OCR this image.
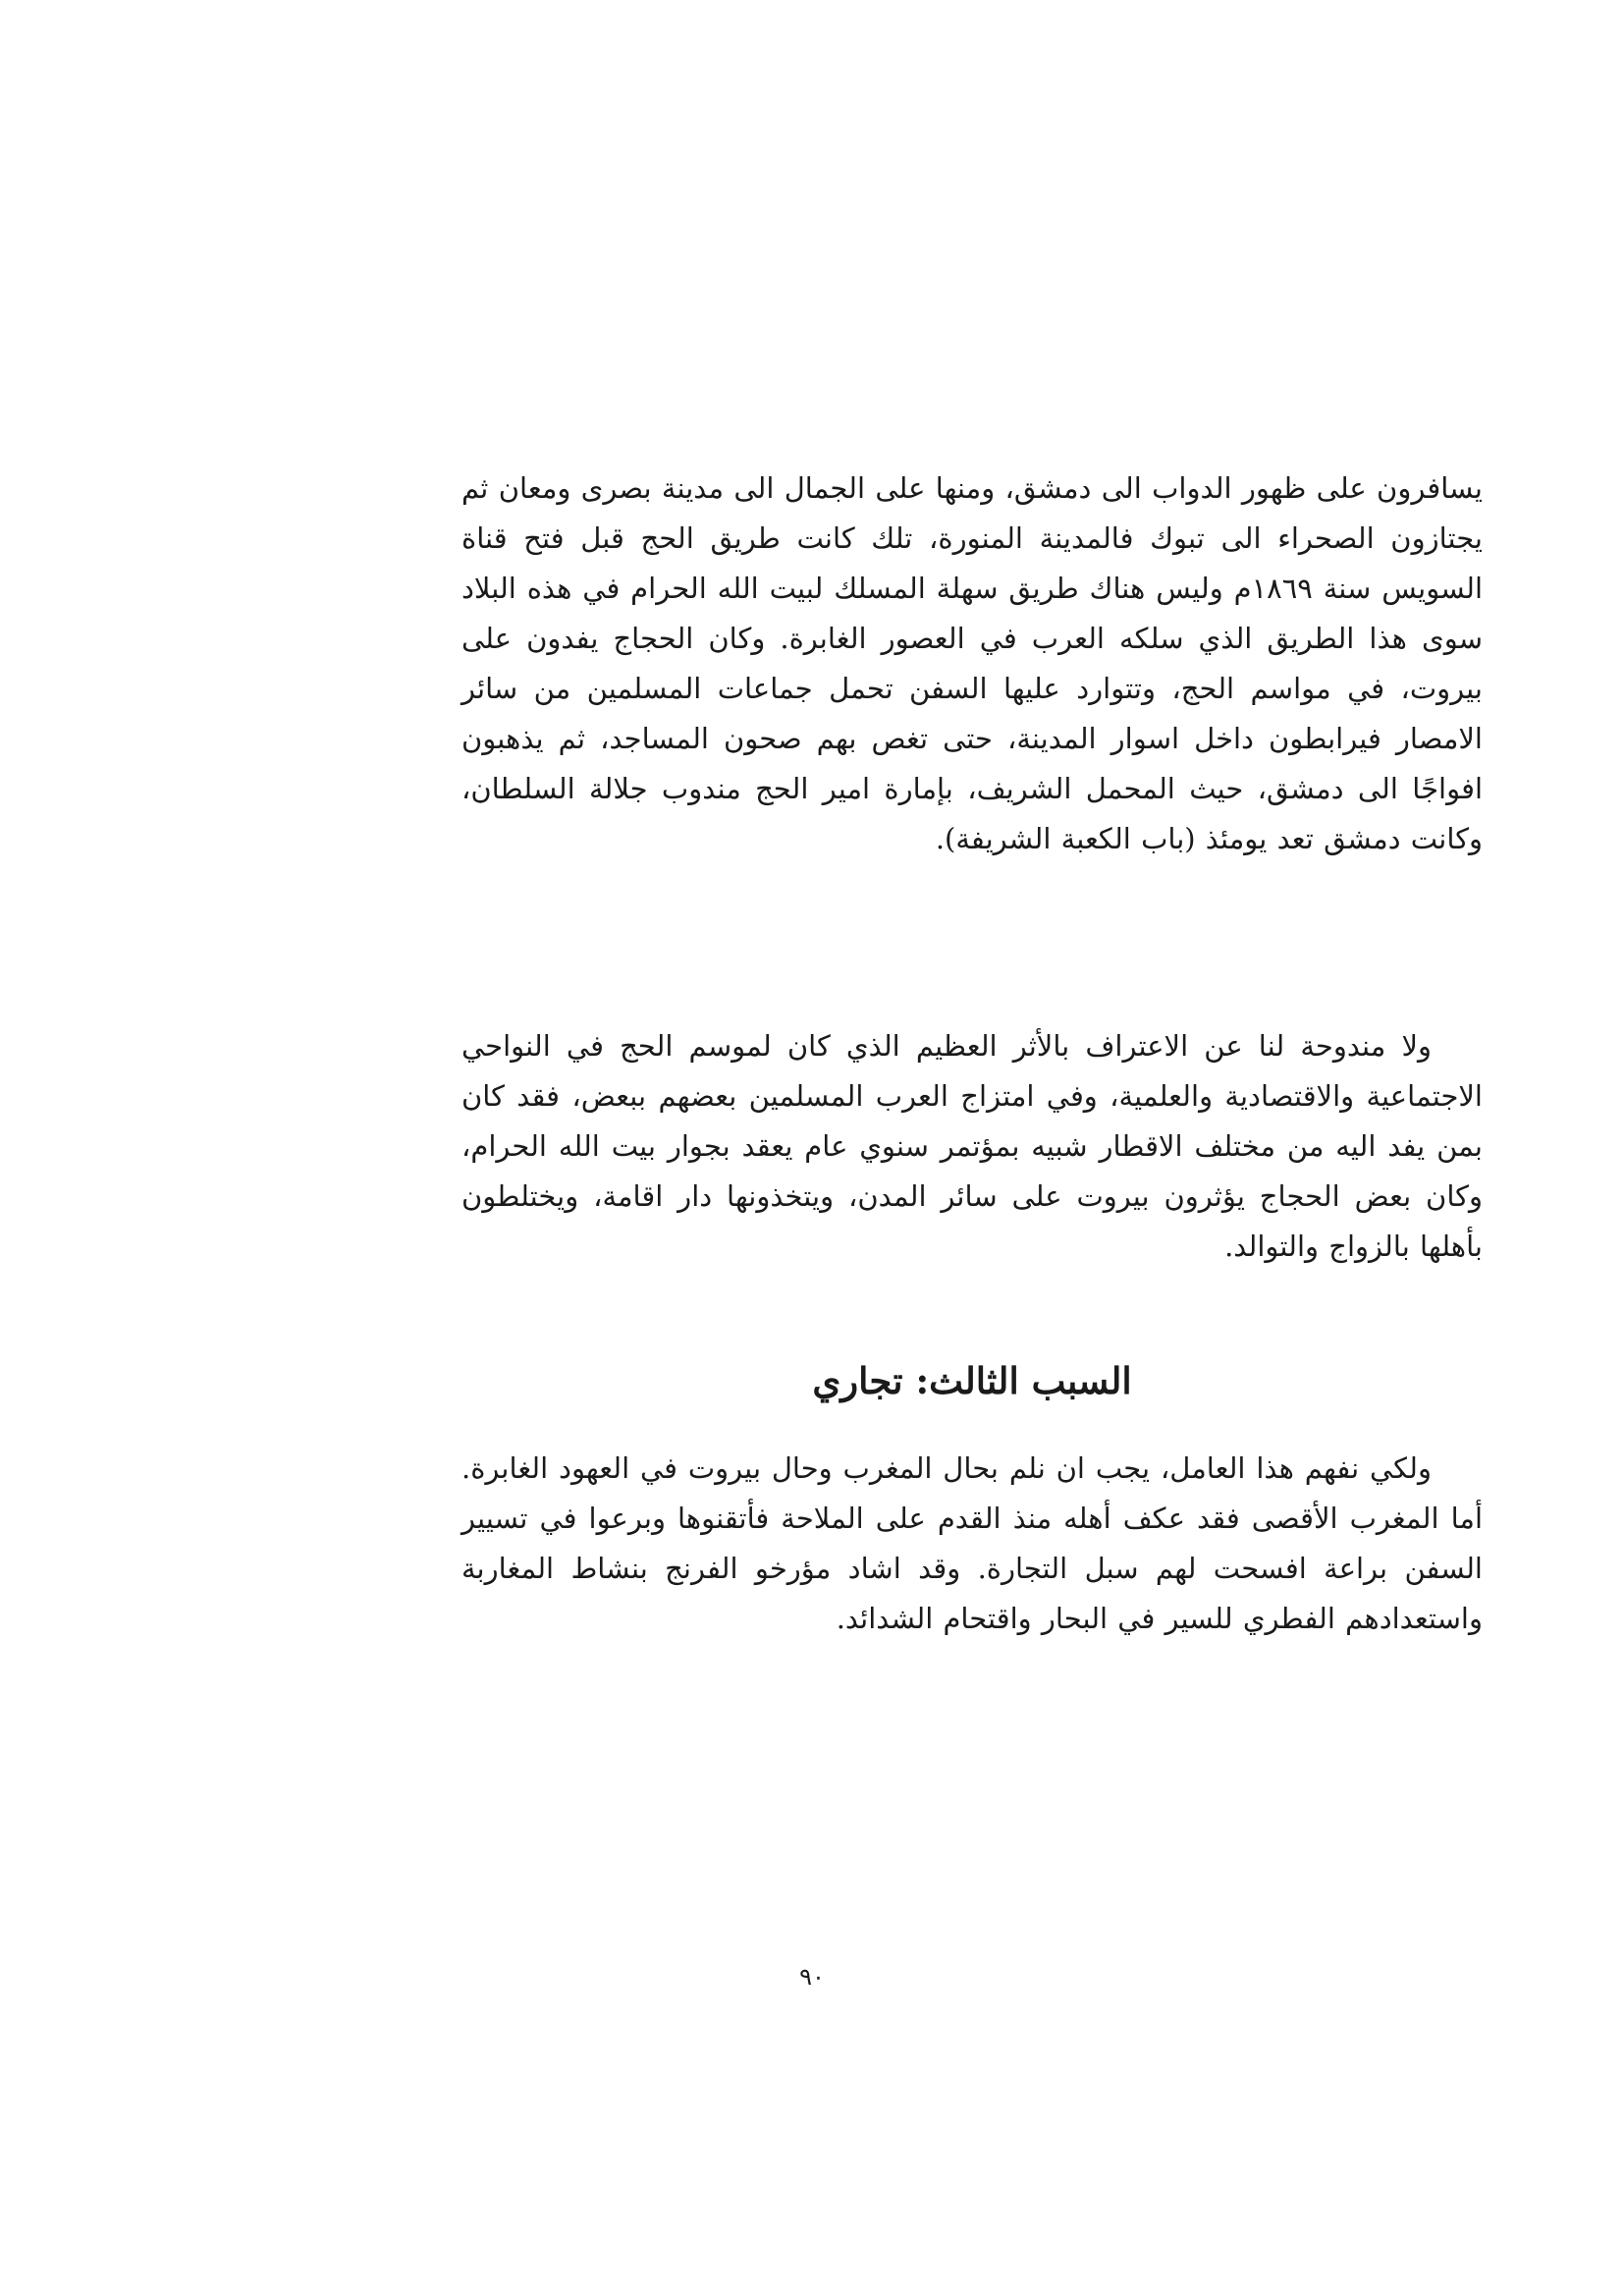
يسافرون على ظهور الدواب الى دمشق، ومنها على الجمال الى مدينة بصرى ومعان ثم يجتازون الصحراء الى تبوك فالمدينة المنورة، تلك كانت طريق الحج قبل فتح قناة السويس سنة ١٨٦٩م وليس هناك طريق سهلة المسلك لبيت الله الحرام في هذه البلاد سوى هذا الطريق الذي سلكه العرب في العصور الغابرة. وكان الحجاج يفدون على بيروت، في مواسم الحج، وتتوارد عليها السفن تحمل جماعات المسلمين من سائر الامصار فيرابطون داخل اسوار المدينة، حتى تغص بهم صحون المساجد، ثم يذهبون افواجًا الى دمشق، حيث المحمل الشريف، بإمارة امير الحج مندوب جلالة السلطان، وكانت دمشق تعد يومئذ (باب الكعبة الشريفة).

ولا مندوحة لنا عن الاعتراف بالأثر العظيم الذي كان لموسم الحج في النواحي الاجتماعية والاقتصادية والعلمية، وفي امتزاج العرب المسلمين بعضهم ببعض، فقد كان بمن يفد اليه من مختلف الاقطار شبيه بمؤتمر سنوي عام يعقد بجوار بيت الله الحرام، وكان بعض الحجاج يؤثرون بيروت على سائر المدن، ويتخذونها دار اقامة، ويختلطون بأهلها بالزواج والتوالد.

السبب الثالث: تجاري

ولكي نفهم هذا العامل، يجب ان نلم بحال المغرب وحال بيروت في العهود الغابرة. أما المغرب الأقصى فقد عكف أهله منذ القدم على الملاحة فأتقنوها وبرعوا في تسيير السفن براعة افسحت لهم سبل التجارة. وقد اشاد مؤرخو الفرنج بنشاط المغاربة واستعدادهم الفطري للسير في البحار واقتحام الشدائد.

٩٠
